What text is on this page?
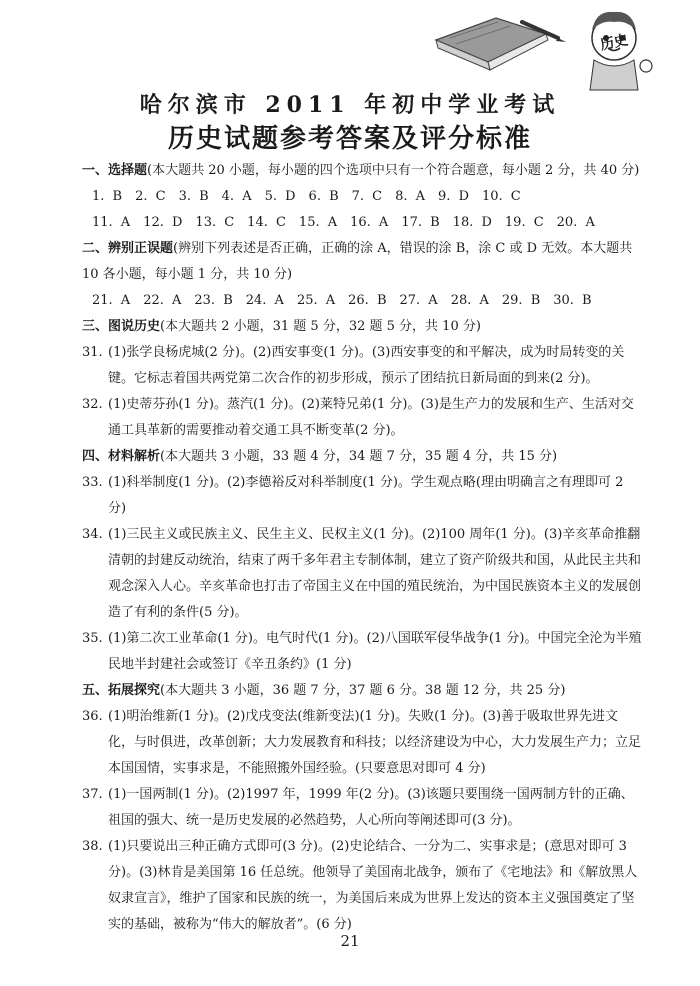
历史
哈尔滨市 2011 年初中学业考试
历史试题参考答案及评分标准

一、选择题(本大题共 20 小题，每小题的四个选项中只有一个符合题意，每小题 2 分，共 40 分)

1. B　2. C　3. B　4. A　5. D　6. B　7. C　8. A　9. D　10. C

11. A　12. D　13. C　14. C　15. A　16. A　17. B　18. D　19. C　20. A

二、辨别正误题(辨别下列表述是否正确，正确的涂 A，错误的涂 B，涂 C 或 D 无效。本大题共 10 各小题，每小题 1 分，共 10 分)

21. A　22. A　23. B　24. A　25. A　26. B　27. A　28. A　29. B　30. B

三、图说历史(本大题共 2 小题，31 题 5 分，32 题 5 分，共 10 分)

31. (1)张学良杨虎城(2 分)。(2)西安事变(1 分)。(3)西安事变的和平解决，成为时局转变的关键。它标志着国共两党第二次合作的初步形成，预示了团结抗日新局面的到来(2 分)。

32. (1)史蒂芬孙(1 分)。蒸汽(1 分)。(2)莱特兄弟(1 分)。(3)是生产力的发展和生产、生活对交通工具革新的需要推动着交通工具不断变革(2 分)。

四、材料解析(本大题共 3 小题，33 题 4 分，34 题 7 分，35 题 4 分，共 15 分)

33. (1)科举制度(1 分)。(2)李德裕反对科举制度(1 分)。学生观点略(理由明确言之有理即可 2 分)

34. (1)三民主义或民族主义、民生主义、民权主义(1 分)。(2)100 周年(1 分)。(3)辛亥革命推翻清朝的封建反动统治，结束了两千多年君主专制体制，建立了资产阶级共和国，从此民主共和观念深入人心。辛亥革命也打击了帝国主义在中国的殖民统治，为中国民族资本主义的发展创造了有利的条件(5 分)。

35. (1)第二次工业革命(1 分)。电气时代(1 分)。(2)八国联军侵华战争(1 分)。中国完全沦为半殖民地半封建社会或签订《辛丑条约》(1 分)

五、拓展探究(本大题共 3 小题，36 题 7 分，37 题 6 分。38 题 12 分，共 25 分)

36. (1)明治维新(1 分)。(2)戊戌变法(维新变法)(1 分)。失败(1 分)。(3)善于吸取世界先进文化，与时俱进，改革创新；大力发展教育和科技；以经济建设为中心，大力发展生产力；立足本国国情，实事求是，不能照搬外国经验。(只要意思对即可 4 分)

37. (1)一国两制(1 分)。(2)1997 年，1999 年(2 分)。(3)该题只要围绕一国两制方针的正确、祖国的强大、统一是历史发展的必然趋势，人心所向等阐述即可(3 分)。

38. (1)只要说出三种正确方式即可(3 分)。(2)史论结合、一分为二、实事求是；(意思对即可 3 分)。(3)林肯是美国第 16 任总统。他领导了美国南北战争，颁布了《宅地法》和《解放黑人奴隶宣言》，维护了国家和民族的统一，为美国后来成为世界上发达的资本主义强国奠定了坚实的基础，被称为“伟大的解放者”。(6 分)

21
